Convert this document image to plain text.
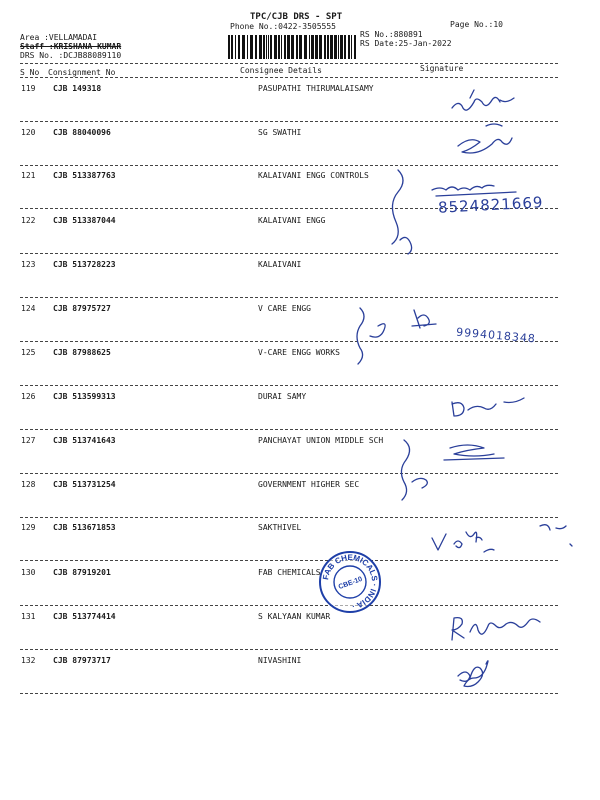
TPC/CJB DRS - SPT
Phone No.:0422-3505555	Page No.:10
Area :VELLAMADAI
Staff :KRISHANA KUMAR
DRS No. :DCJB88089110
RS No.:880891
RS Date:25-Jan-2022
S No Consignment No	Consignee Details	Signature
119 CJB 149318	PASUPATHI THIRUMALAISAMY
120 CJB 88040096	SG SWATHI
121 CJB 513387763	KALAIVANI ENGG CONTROLS
122 CJB 513387044	KALAIVANI ENGG
123 CJB 513728223	KALAIVANI
124 CJB 87975727	V CARE ENGG
125 CJB 87988625	V-CARE ENGG WORKS
126 CJB 513599313	DURAI SAMY
127 CJB 513741643	PANCHAYAT UNION MIDDLE SCH
128 CJB 513731254	GOVERNMENT HIGHER SEC
129 CJB 513671853	SAKTHIVEL
130 CJB 87919201	FAB CHEMICALS
131 CJB 513774414	S KALYAAN KUMAR
132 CJB 87973717	NIVASHINI
8524821669
9994018348
FAB CHEMICALS · INDIA ·
CBE-10
